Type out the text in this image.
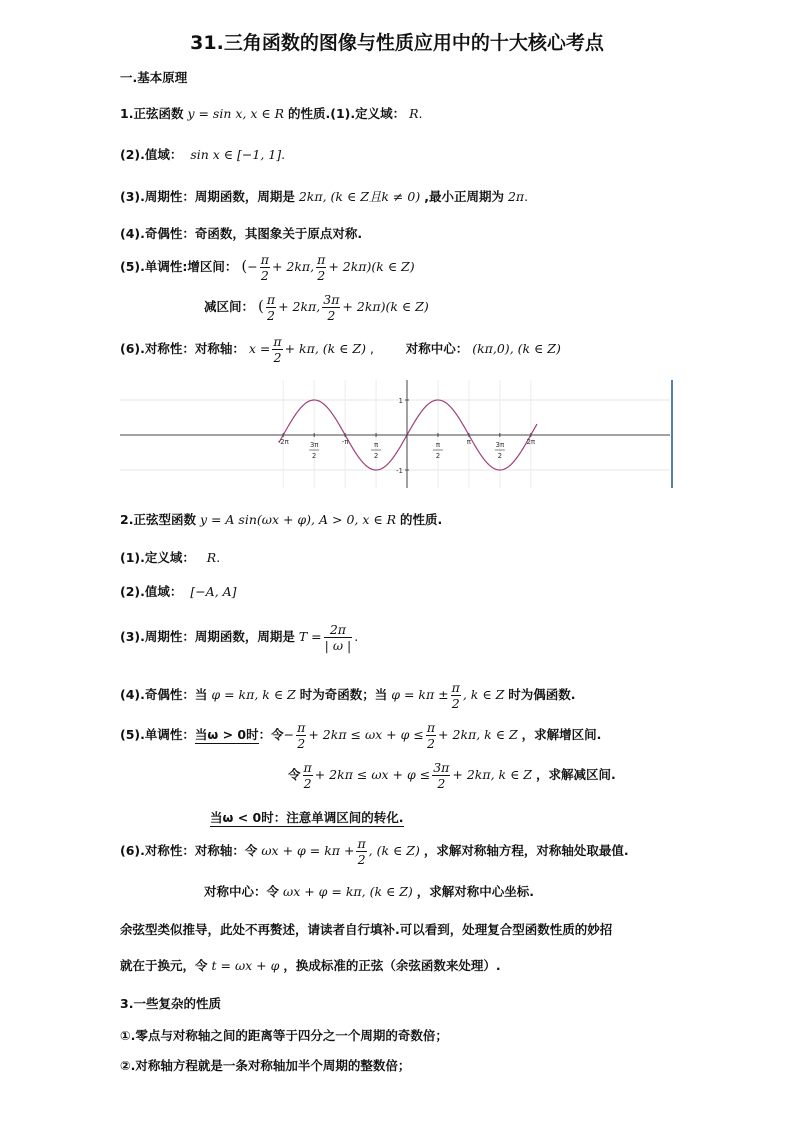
31.三角函数的图像与性质应用中的十大核心考点
一.基本原理
1.正弦函数 y = sin x, x ∈ R 的性质.(1).定义域： R.
(2).值域： sin x ∈ [−1, 1].
(3).周期性：周期函数，周期是 2kπ, (k ∈ Z且k ≠ 0) ,最小正周期为 2π.
(4).奇偶性：奇函数，其图象关于原点对称.
(5).单调性:增区间： (− $\frac{\pi}{2} + 2k\pi$, $\frac{\pi}{2} + 2k\pi)(k$ ∈ Z)
减区间： ( $\frac{\pi}{2} + 2k\pi$, $\frac{3\pi}{2} + 2k\pi)(k$ ∈ Z)
(6).对称性：对称轴： $x = \frac{\pi}{2} + k\pi$, (k ∈ Z) ,        对称中心： (kπ,0), (k ∈ Z)
-2π	3π
2
-π	π
2
π
2
π	3π
2
2π
1
-1
2.正弦型函数 y = A sin(ωx + φ), A > 0, x ∈ R 的性质.
(1).定义域： R.
(2).值域： [−A, A]
(3).周期性：周期函数，周期是 $T = \frac{2\pi}{| \omega |}$ .
(4).奇偶性：当 φ = kπ, k ∈ Z 时为奇函数；当 $\varphi = k\pi \pm \frac{\pi}{2}$ , k ∈ Z 时为偶函数.
(5).单调性：当ω > 0时：令− $\frac{\pi}{2} + 2k\pi \le \omega x + \varphi \le \frac{\pi}{2} + 2k\pi$, k ∈ Z ，求解增区间.
令 $\frac{\pi}{2} + 2k\pi \le \omega x + \varphi \le \frac{3\pi}{2} + 2k\pi$, k ∈ Z ，求解减区间.
当ω < 0时：注意单调区间的转化.
(6).对称性：对称轴：令 $\omega x + \varphi = k\pi + \frac{\pi}{2}$ , (k ∈ Z) ，求解对称轴方程，对称轴处取最值.
对称中心：令 ωx + φ = kπ, (k ∈ Z) ，求解对称中心坐标.
余弦型类似推导，此处不再赘述，请读者自行填补.可以看到，处理复合型函数性质的妙招
就在于换元，令 t = ωx + φ ，换成标准的正弦（余弦函数来处理）.
3.一些复杂的性质
①.零点与对称轴之间的距离等于四分之一个周期的奇数倍；
②.对称轴方程就是一条对称轴加半个周期的整数倍；
